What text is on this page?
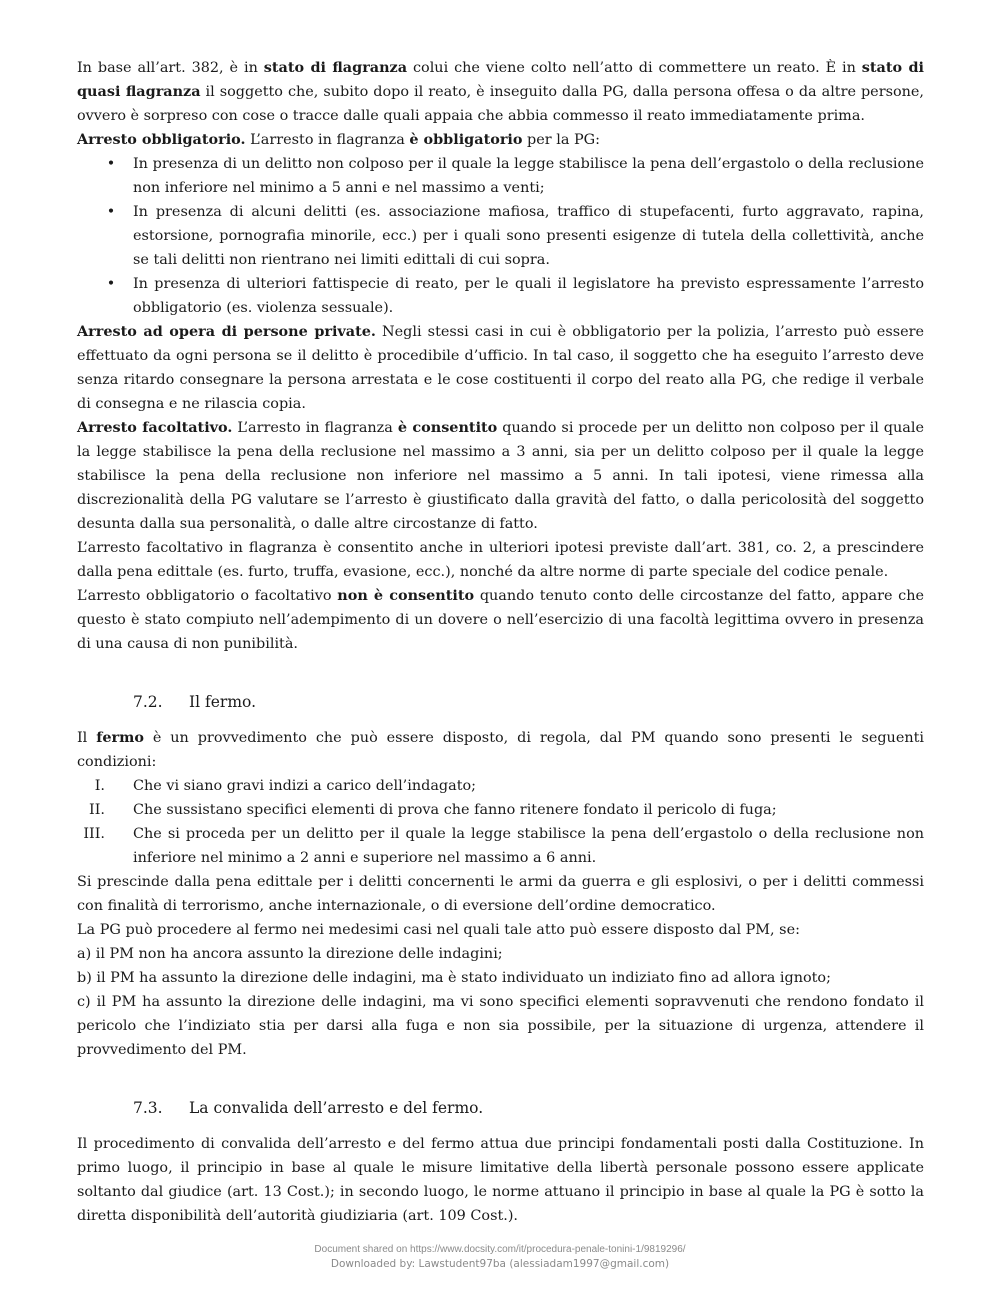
In base all’art. 382, è in stato di flagranza colui che viene colto nell’atto di commettere un reato. È in stato di quasi flagranza il soggetto che, subito dopo il reato, è inseguito dalla PG, dalla persona offesa o da altre persone, ovvero è sorpreso con cose o tracce dalle quali appaia che abbia commesso il reato immediatamente prima.

Arresto obbligatorio. L’arresto in flagranza è obbligatorio per la PG:

• In presenza di un delitto non colposo per il quale la legge stabilisce la pena dell’ergastolo o della reclusione non inferiore nel minimo a 5 anni e nel massimo a venti;
• In presenza di alcuni delitti (es. associazione mafiosa, traffico di stupefacenti, furto aggravato, rapina, estorsione, pornografia minorile, ecc.) per i quali sono presenti esigenze di tutela della collettività, anche se tali delitti non rientrano nei limiti edittali di cui sopra.
• In presenza di ulteriori fattispecie di reato, per le quali il legislatore ha previsto espressamente l’arresto obbligatorio (es. violenza sessuale).

Arresto ad opera di persone private. Negli stessi casi in cui è obbligatorio per la polizia, l’arresto può essere effettuato da ogni persona se il delitto è procedibile d’ufficio. In tal caso, il soggetto che ha eseguito l’arresto deve senza ritardo consegnare la persona arrestata e le cose costituenti il corpo del reato alla PG, che redige il verbale di consegna e ne rilascia copia.

Arresto facoltativo. L’arresto in flagranza è consentito quando si procede per un delitto non colposo per il quale la legge stabilisce la pena della reclusione nel massimo a 3 anni, sia per un delitto colposo per il quale la legge stabilisce la pena della reclusione non inferiore nel massimo a 5 anni. In tali ipotesi, viene rimessa alla discrezionalità della PG valutare se l’arresto è giustificato dalla gravità del fatto, o dalla pericolosità del soggetto desunta dalla sua personalità, o dalle altre circostanze di fatto.

L’arresto facoltativo in flagranza è consentito anche in ulteriori ipotesi previste dall’art. 381, co. 2, a prescindere dalla pena edittale (es. furto, truffa, evasione, ecc.), nonché da altre norme di parte speciale del codice penale.

L’arresto obbligatorio o facoltativo non è consentito quando tenuto conto delle circostanze del fatto, appare che questo è stato compiuto nell’adempimento di un dovere o nell’esercizio di una facoltà legittima ovvero in presenza di una causa di non punibilità.

7.2. Il fermo.

Il fermo è un provvedimento che può essere disposto, di regola, dal PM quando sono presenti le seguenti condizioni:

I. Che vi siano gravi indizi a carico dell’indagato;
II. Che sussistano specifici elementi di prova che fanno ritenere fondato il pericolo di fuga;
III. Che si proceda per un delitto per il quale la legge stabilisce la pena dell’ergastolo o della reclusione non inferiore nel minimo a 2 anni e superiore nel massimo a 6 anni.

Si prescinde dalla pena edittale per i delitti concernenti le armi da guerra e gli esplosivi, o per i delitti commessi con finalità di terrorismo, anche internazionale, o di eversione dell’ordine democratico.

La PG può procedere al fermo nei medesimi casi nel quali tale atto può essere disposto dal PM, se:

a) il PM non ha ancora assunto la direzione delle indagini;

b) il PM ha assunto la direzione delle indagini, ma è stato individuato un indiziato fino ad allora ignoto;

c) il PM ha assunto la direzione delle indagini, ma vi sono specifici elementi sopravvenuti che rendono fondato il pericolo che l’indiziato stia per darsi alla fuga e non sia possibile, per la situazione di urgenza, attendere il provvedimento del PM.

7.3. La convalida dell’arresto e del fermo.

Il procedimento di convalida dell’arresto e del fermo attua due principi fondamentali posti dalla Costituzione. In primo luogo, il principio in base al quale le misure limitative della libertà personale possono essere applicate soltanto dal giudice (art. 13 Cost.); in secondo luogo, le norme attuano il principio in base al quale la PG è sotto la diretta disponibilità dell’autorità giudiziaria (art. 109 Cost.).

Document shared on https://www.docsity.com/it/procedura-penale-tonini-1/9819296/
Downloaded by: Lawstudent97ba (alessiadam1997@gmail.com)
